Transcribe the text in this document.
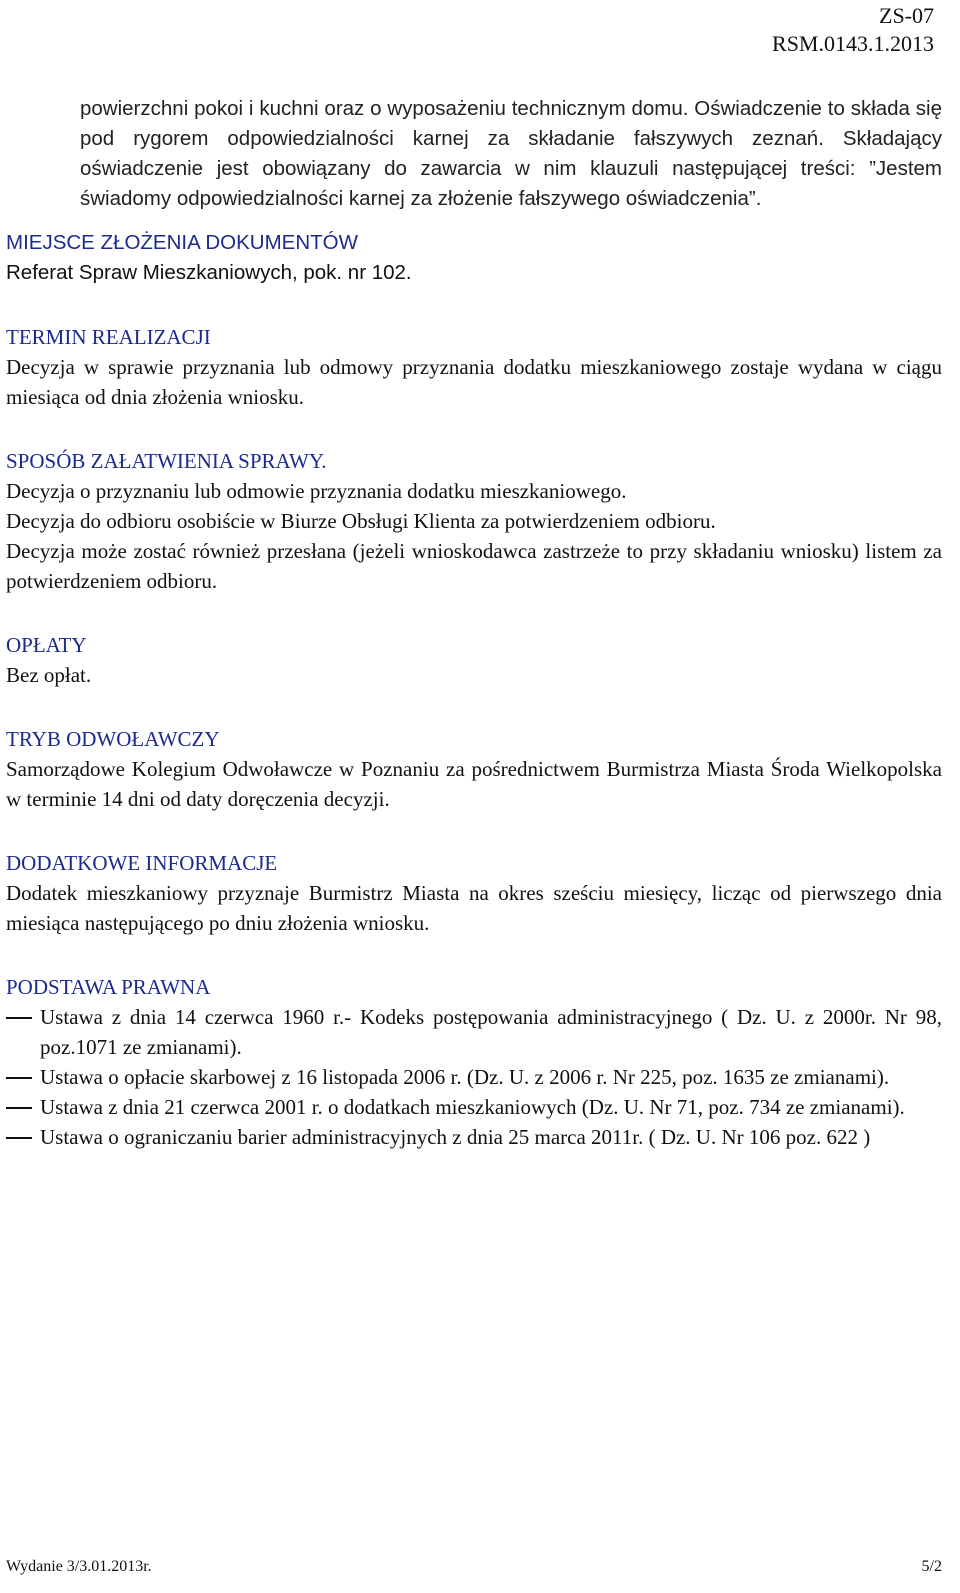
ZS-07
RSM.0143.1.2013

powierzchni pokoi i kuchni oraz o wyposażeniu technicznym domu. Oświadczenie to składa się pod rygorem odpowiedzialności karnej za składanie fałszywych zeznań. Składający oświadczenie jest obowiązany do zawarcia w nim klauzuli następującej treści: ”Jestem świadomy odpowiedzialności karnej za złożenie fałszywego oświadczenia”.

MIEJSCE ZŁOŻENIA DOKUMENTÓW

Referat Spraw Mieszkaniowych, pok. nr 102.

TERMIN REALIZACJI

Decyzja w sprawie przyznania lub odmowy przyznania dodatku mieszkaniowego zostaje wydana w ciągu miesiąca od dnia złożenia wniosku.

SPOSÓB ZAŁATWIENIA SPRAWY.

Decyzja o przyznaniu lub odmowie przyznania dodatku mieszkaniowego.

Decyzja do odbioru osobiście w Biurze Obsługi Klienta za potwierdzeniem odbioru.

Decyzja może zostać również przesłana (jeżeli wnioskodawca zastrzeże to przy składaniu wniosku) listem za potwierdzeniem odbioru.

OPŁATY

Bez opłat.

TRYB ODWOŁAWCZY

Samorządowe Kolegium Odwoławcze w Poznaniu za pośrednictwem Burmistrza Miasta Środa Wielkopolska w terminie 14 dni od daty doręczenia decyzji.

DODATKOWE INFORMACJE

Dodatek mieszkaniowy przyznaje Burmistrz Miasta na okres sześciu miesięcy, licząc od pierwszego dnia miesiąca następującego po dniu złożenia wniosku.

PODSTAWA PRAWNA
Ustawa z dnia 14 czerwca 1960 r.- Kodeks postępowania administracyjnego ( Dz. U. z 2000r. Nr 98, poz.1071 ze zmianami).
Ustawa o opłacie skarbowej z 16 listopada 2006 r. (Dz. U. z 2006 r. Nr 225, poz. 1635 ze zmianami).
Ustawa z dnia 21 czerwca 2001 r. o dodatkach mieszkaniowych (Dz. U. Nr 71, poz. 734 ze zmianami).
Ustawa o ograniczaniu barier administracyjnych z dnia 25 marca 2011r. ( Dz. U. Nr 106 poz. 622 )
Wydanie 3/3.01.2013r.	5/2
